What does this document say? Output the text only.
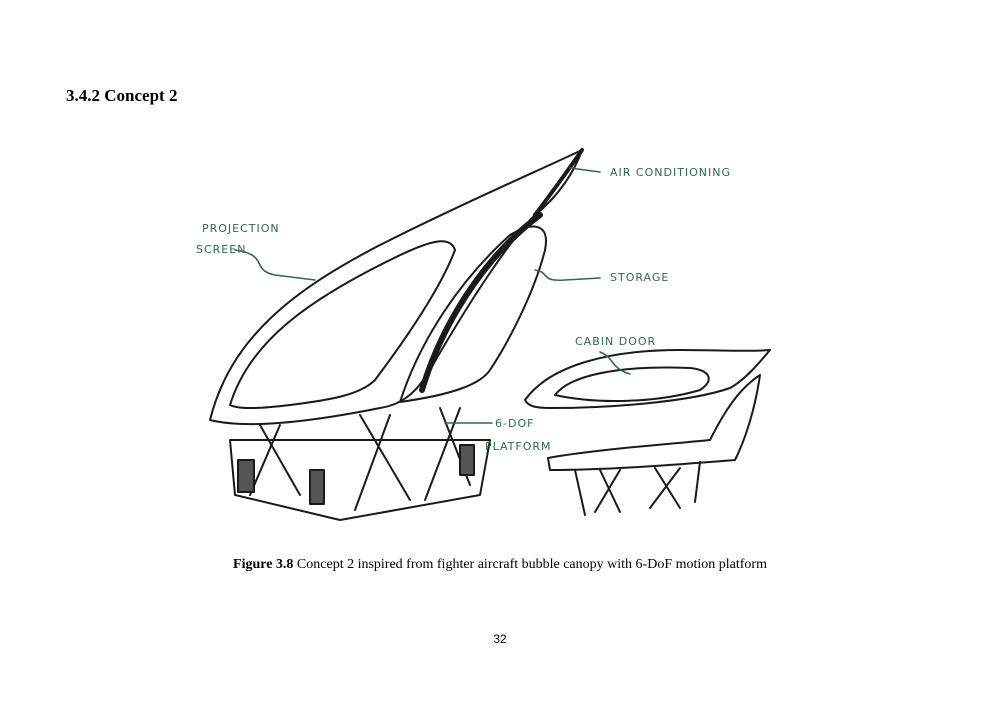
3.4.2 Concept 2
PROJECTION
SCREEN
AIR CONDITIONING
STORAGE
CABIN DOOR
6-DOF
PLATFORM

Figure 3.8 Concept 2 inspired from fighter aircraft bubble canopy with 6-DoF motion platform

32
